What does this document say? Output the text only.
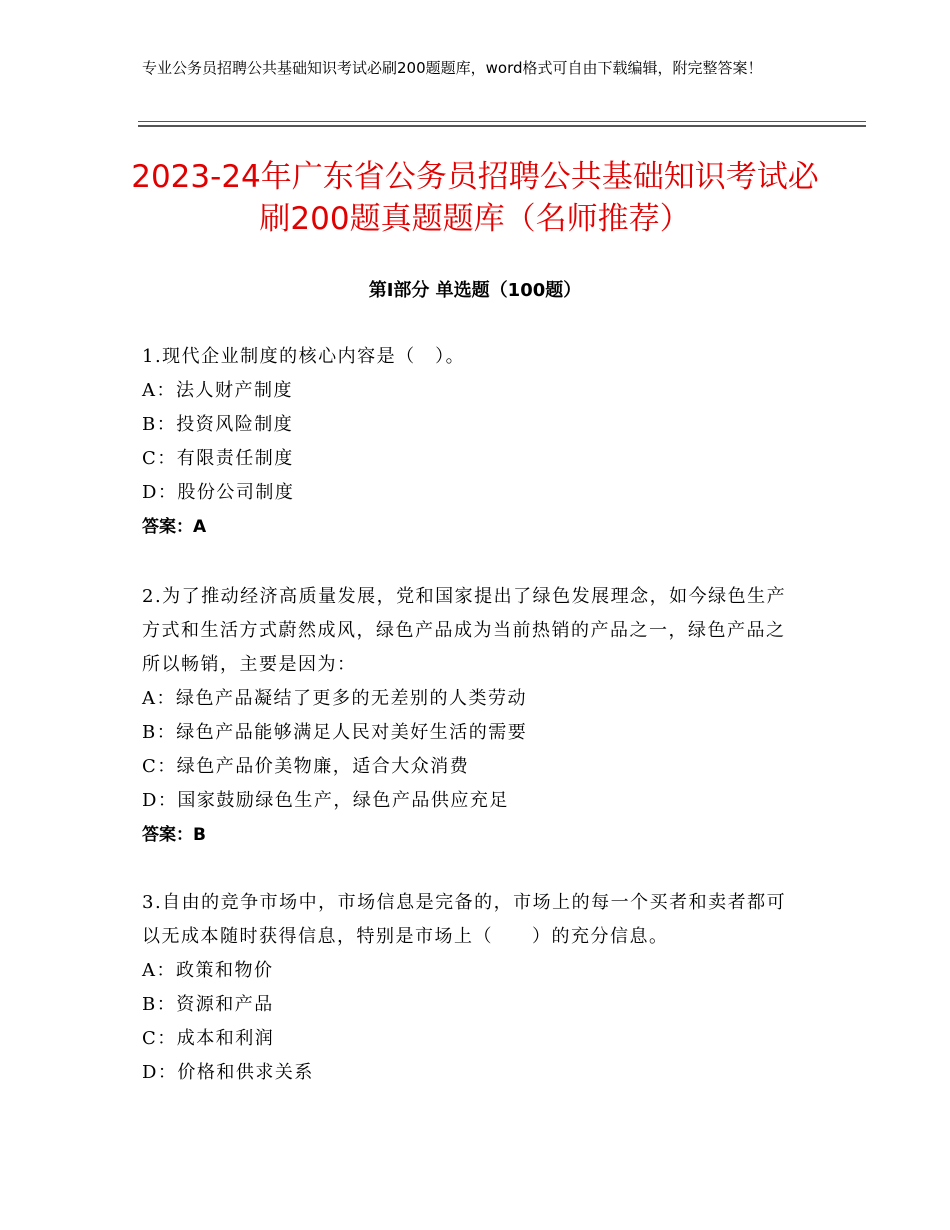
专业公务员招聘公共基础知识考试必刷200题题库，word格式可自由下载编辑，附完整答案！
2023-24年广东省公务员招聘公共基础知识考试必刷200题真题题库（名师推荐）
第Ⅰ部分 单选题（100题）
1.现代企业制度的核心内容是（　）。
A：法人财产制度
B：投资风险制度
C：有限责任制度
D：股份公司制度
答案：A
2.为了推动经济高质量发展，党和国家提出了绿色发展理念，如今绿色生产方式和生活方式蔚然成风，绿色产品成为当前热销的产品之一，绿色产品之所以畅销，主要是因为：
A：绿色产品凝结了更多的无差别的人类劳动
B：绿色产品能够满足人民对美好生活的需要
C：绿色产品价美物廉，适合大众消费
D：国家鼓励绿色生产，绿色产品供应充足
答案：B
3.自由的竞争市场中，市场信息是完备的，市场上的每一个买者和卖者都可以无成本随时获得信息，特别是市场上（　　）的充分信息。
A：政策和物价
B：资源和产品
C：成本和利润
D：价格和供求关系
